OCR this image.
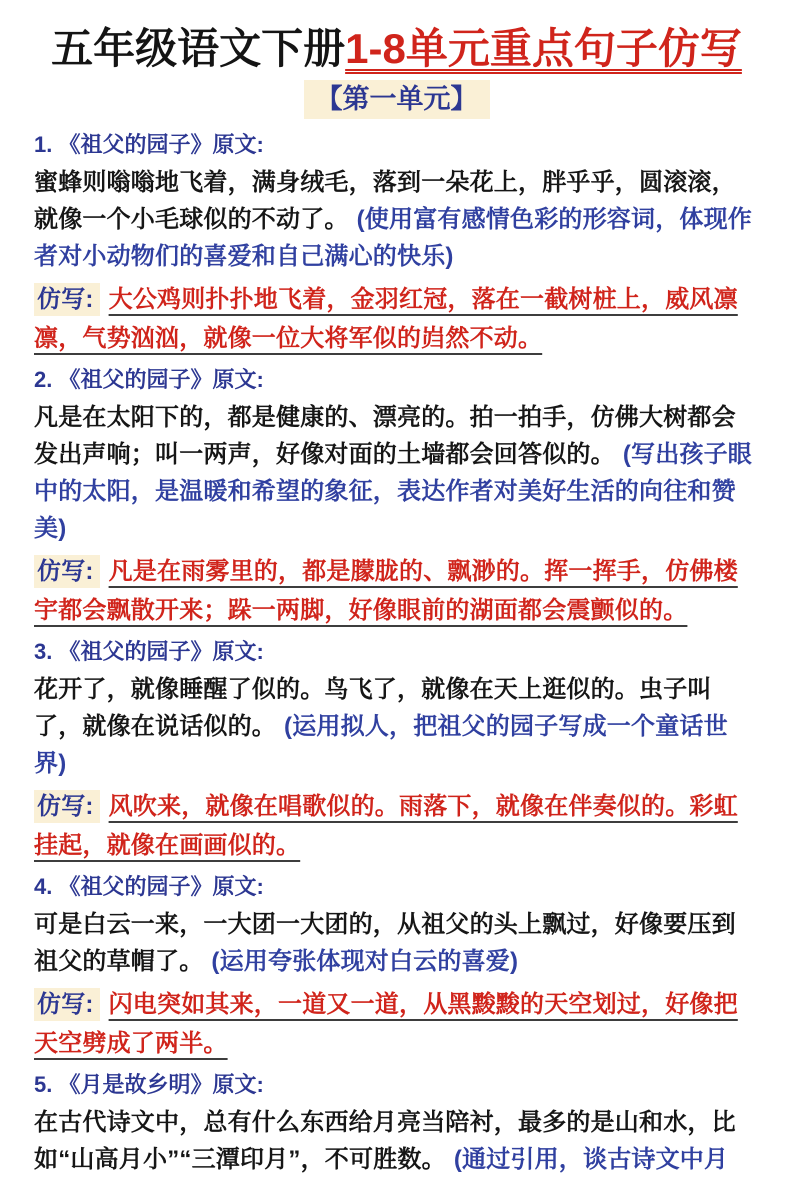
五年级语文下册1-8单元重点句子仿写
【第一单元】
1. 《祖父的园子》原文:

蜜蜂则嗡嗡地飞着，满身绒毛，落到一朵花上，胖乎乎，圆滚滚，就像一个小毛球似的不动了。 (使用富有感情色彩的形容词，体现作者对小动物们的喜爱和自己满心的快乐)

仿写: 大公鸡则扑扑地飞着，金羽红冠，落在一截树桩上，威风凛凛，气势汹汹，就像一位大将军似的岿然不动。

2. 《祖父的园子》原文:

凡是在太阳下的，都是健康的、漂亮的。拍一拍手，仿佛大树都会发出声响；叫一两声，好像对面的土墙都会回答似的。 (写出孩子眼中的太阳，是温暖和希望的象征，表达作者对美好生活的向往和赞美)

仿写: 凡是在雨雾里的，都是朦胧的、飘渺的。挥一挥手，仿佛楼宇都会飘散开来；跺一两脚，好像眼前的湖面都会震颤似的。

3. 《祖父的园子》原文:

花开了，就像睡醒了似的。鸟飞了，就像在天上逛似的。虫子叫了，就像在说话似的。 (运用拟人，把祖父的园子写成一个童话世界)

仿写: 风吹来，就像在唱歌似的。雨落下，就像在伴奏似的。彩虹挂起，就像在画画似的。

4. 《祖父的园子》原文:

可是白云一来，一大团一大团的，从祖父的头上飘过，好像要压到祖父的草帽了。 (运用夸张体现对白云的喜爱)

仿写: 闪电突如其来，一道又一道，从黑黢黢的天空划过，好像把天空劈成了两半。

5. 《月是故乡明》原文:

在古代诗文中，总有什么东西给月亮当陪衬，最多的是山和水，比如“山高月小”“三潭印月”，不可胜数。 (通过引用，谈古诗文中月
